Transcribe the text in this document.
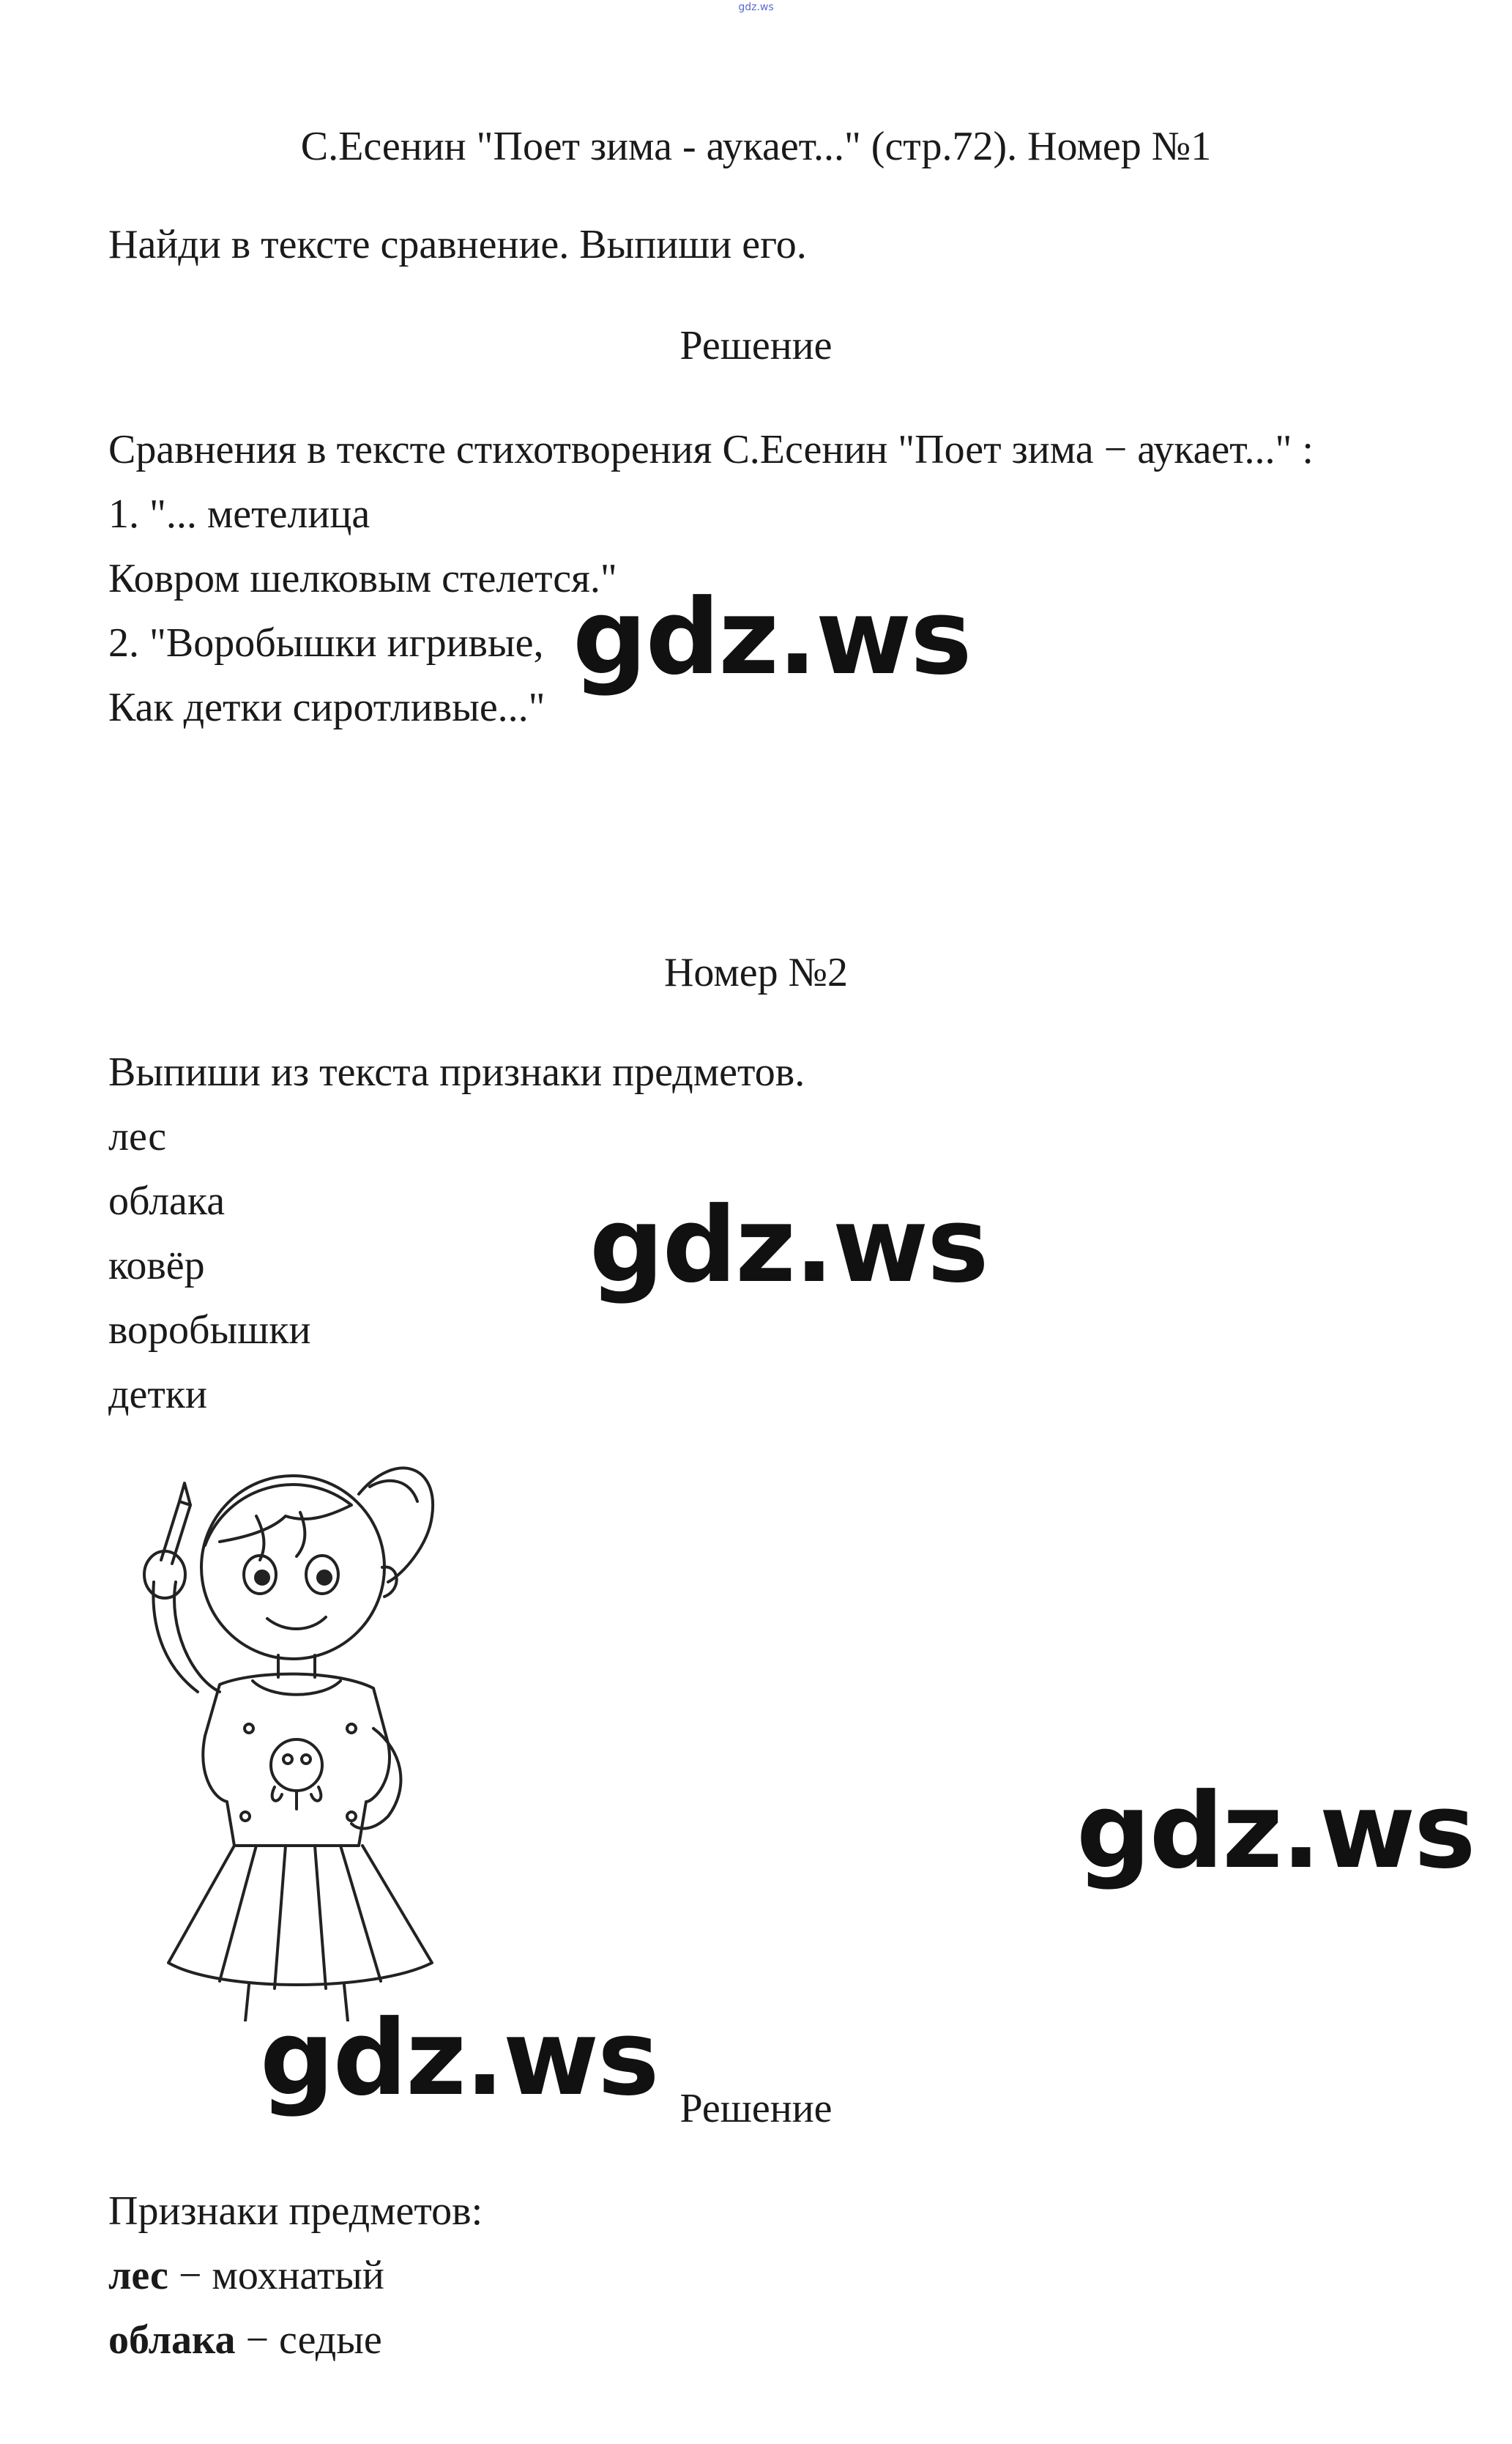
gdz.ws
С.Есенин "Поет зима - аукает..." (стр.72). Номер №1
Найди в тексте сравнение. Выпиши его.
Решение
Сравнения в тексте стихотворения С.Есенин "Поет зима − аукает..." :
1. "... метелица
Ковром шелковым стелется."
2. "Воробышки игривые,
Как детки сиротливые..."
gdz.ws
Номер №2
Выпиши из текста признаки предметов.
лес
облака
ковёр
воробышки
детки
gdz.ws
gdz.ws
gdz.ws Решение
Признаки предметов:
лес − мохнатый
облака − седые
